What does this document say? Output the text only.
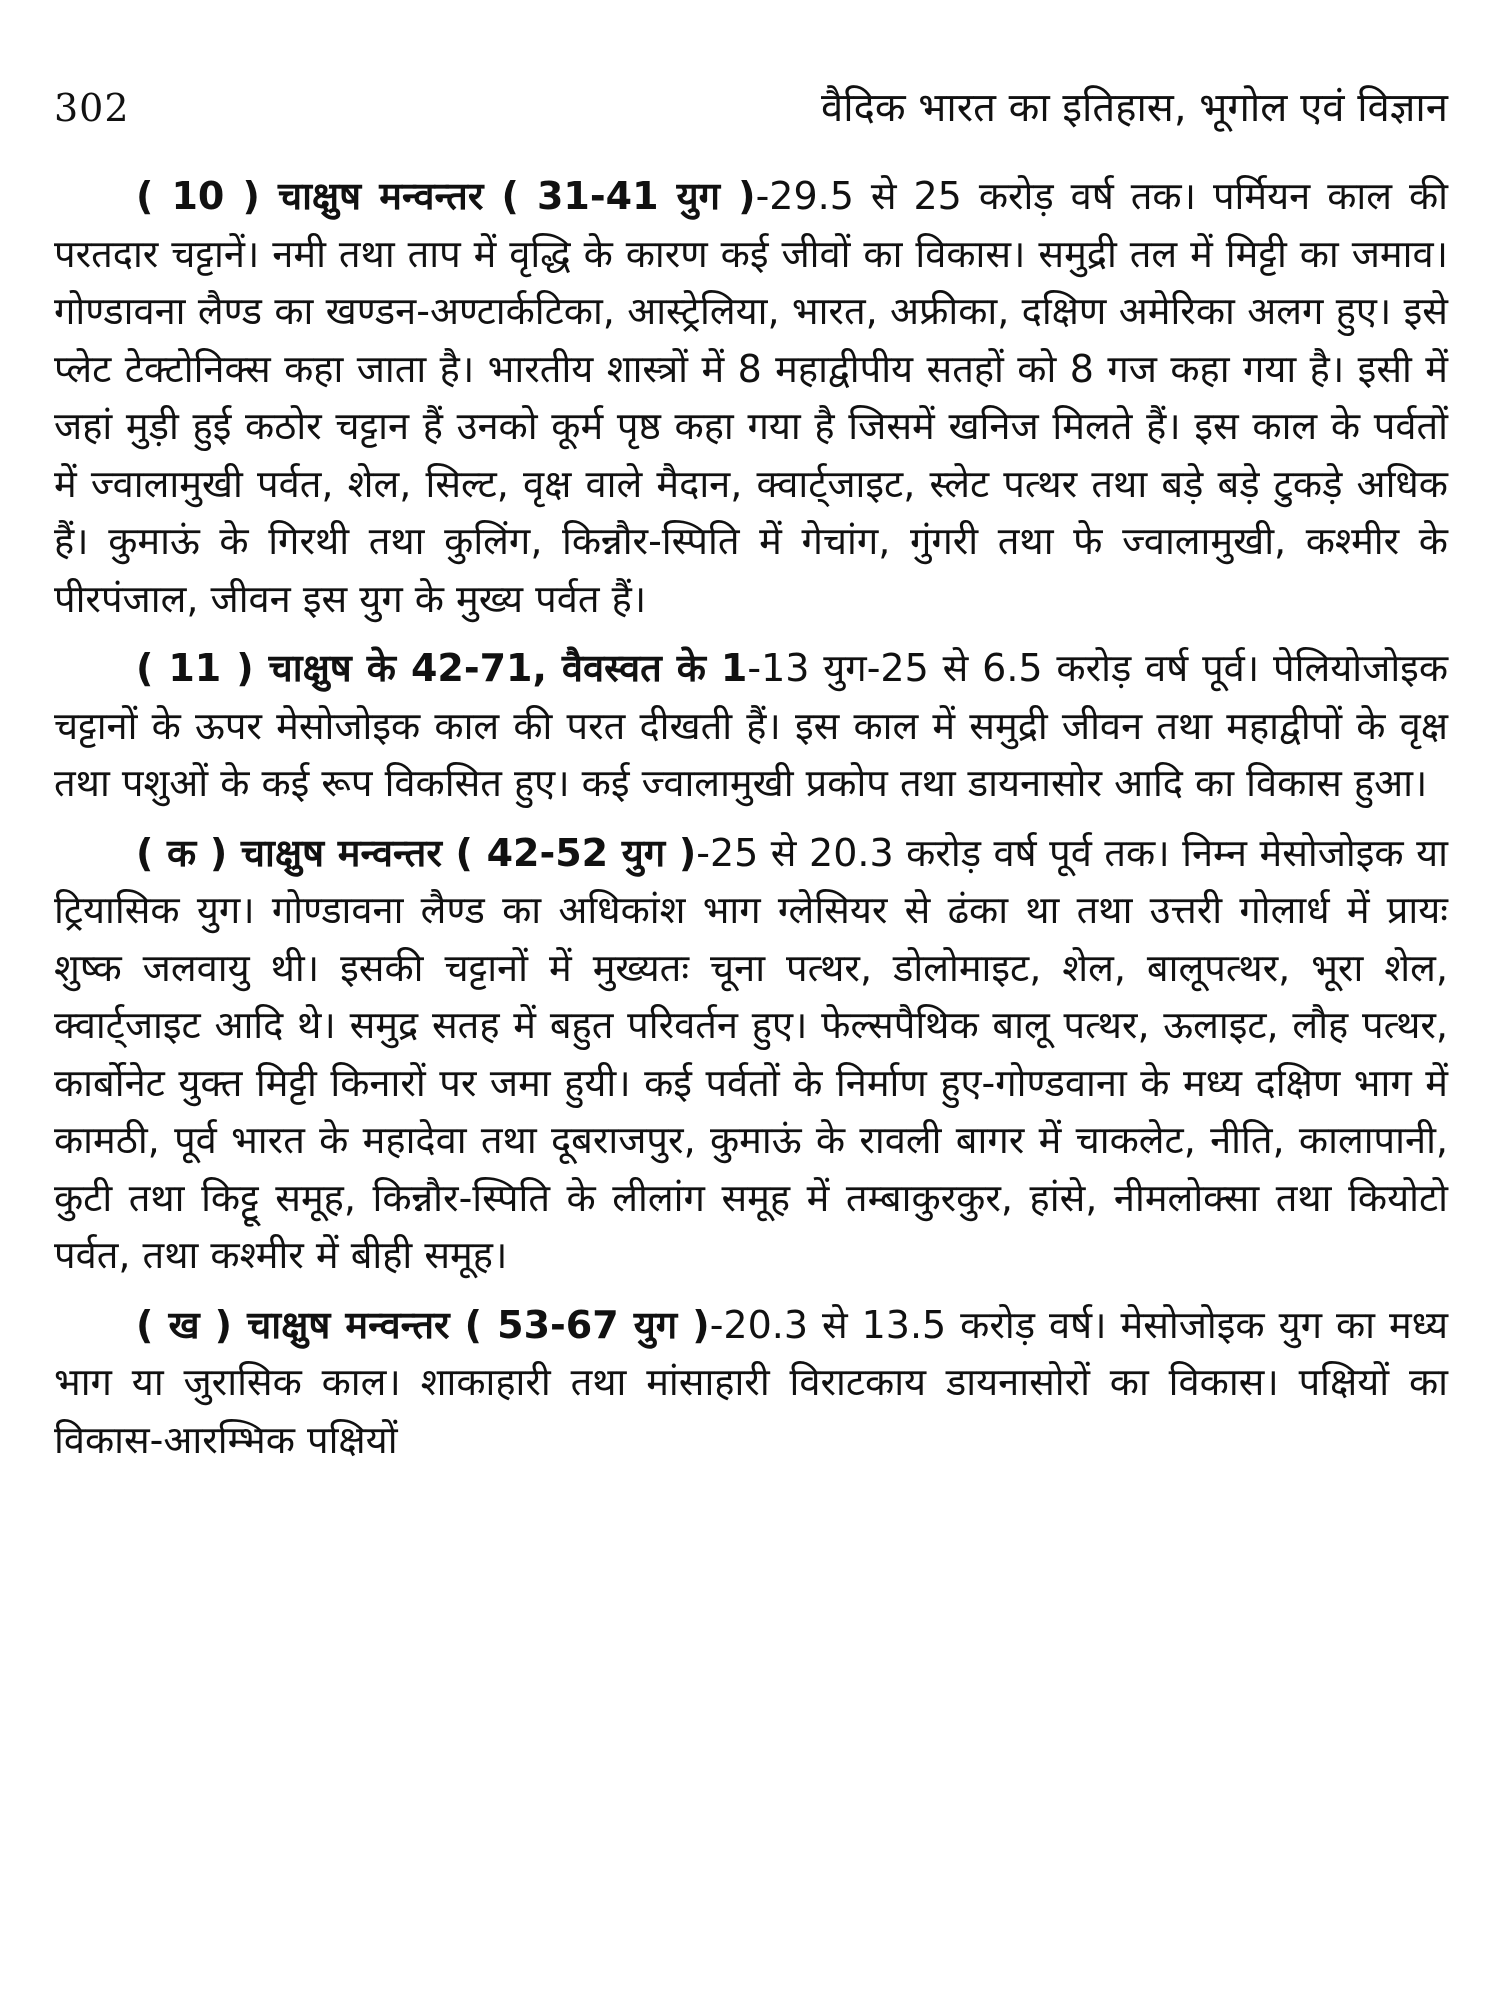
302	वैदिक भारत का इतिहास, भूगोल एवं विज्ञान

( 10 ) चाक्षुष मन्वन्तर ( 31-41 युग )-29.5 से 25 करोड़ वर्ष तक। पर्मियन काल की परतदार चट्टानें। नमी तथा ताप में वृद्धि के कारण कई जीवों का विकास। समुद्री तल में मिट्टी का जमाव। गोण्डावना लैण्ड का खण्डन-अण्टार्कटिका, आस्ट्रेलिया, भारत, अफ्रीका, दक्षिण अमेरिका अलग हुए। इसे प्लेट टेक्टोनिक्स कहा जाता है। भारतीय शास्त्रों में 8 महाद्वीपीय सतहों को 8 गज कहा गया है। इसी में जहां मुड़ी हुई कठोर चट्टान हैं उनको कूर्म पृष्ठ कहा गया है जिसमें खनिज मिलते हैं। इस काल के पर्वतों में ज्वालामुखी पर्वत, शेल, सिल्ट, वृक्ष वाले मैदान, क्वार्ट्जाइट, स्लेट पत्थर तथा बड़े बड़े टुकड़े अधिक हैं। कुमाऊं के गिरथी तथा कुलिंग, किन्नौर-स्पिति में गेचांग, गुंगरी तथा फे ज्वालामुखी, कश्मीर के पीरपंजाल, जीवन इस युग के मुख्य पर्वत हैं।

( 11 ) चाक्षुष के 42-71, वैवस्वत के 1-13 युग-25 से 6.5 करोड़ वर्ष पूर्व। पेलियोजोइक चट्टानों के ऊपर मेसोजोइक काल की परत दीखती हैं। इस काल में समुद्री जीवन तथा महाद्वीपों के वृक्ष तथा पशुओं के कई रूप विकसित हुए। कई ज्वालामुखी प्रकोप तथा डायनासोर आदि का विकास हुआ।

( क ) चाक्षुष मन्वन्तर ( 42-52 युग )-25 से 20.3 करोड़ वर्ष पूर्व तक। निम्न मेसोजोइक या ट्रियासिक युग। गोण्डावना लैण्ड का अधिकांश भाग ग्लेसियर से ढंका था तथा उत्तरी गोलार्ध में प्रायः शुष्क जलवायु थी। इसकी चट्टानों में मुख्यतः चूना पत्थर, डोलोमाइट, शेल, बालूपत्थर, भूरा शेल, क्वार्ट्जाइट आदि थे। समुद्र सतह में बहुत परिवर्तन हुए। फेल्सपैथिक बालू पत्थर, ऊलाइट, लौह पत्थर, कार्बोनेट युक्त मिट्टी किनारों पर जमा हुयी। कई पर्वतों के निर्माण हुए-गोण्डवाना के मध्य दक्षिण भाग में कामठी, पूर्व भारत के महादेवा तथा दूबराजपुर, कुमाऊं के रावली बागर में चाकलेट, नीति, कालापानी, कुटी तथा किट्टू समूह, किन्नौर-स्पिति के लीलांग समूह में तम्बाकुरकुर, हांसे, नीमलोक्सा तथा कियोटो पर्वत, तथा कश्मीर में बीही समूह।

( ख ) चाक्षुष मन्वन्तर ( 53-67 युग )-20.3 से 13.5 करोड़ वर्ष। मेसोजोइक युग का मध्य भाग या जुरासिक काल। शाकाहारी तथा मांसाहारी विराटकाय डायनासोरों का विकास। पक्षियों का विकास-आरम्भिक पक्षियों
